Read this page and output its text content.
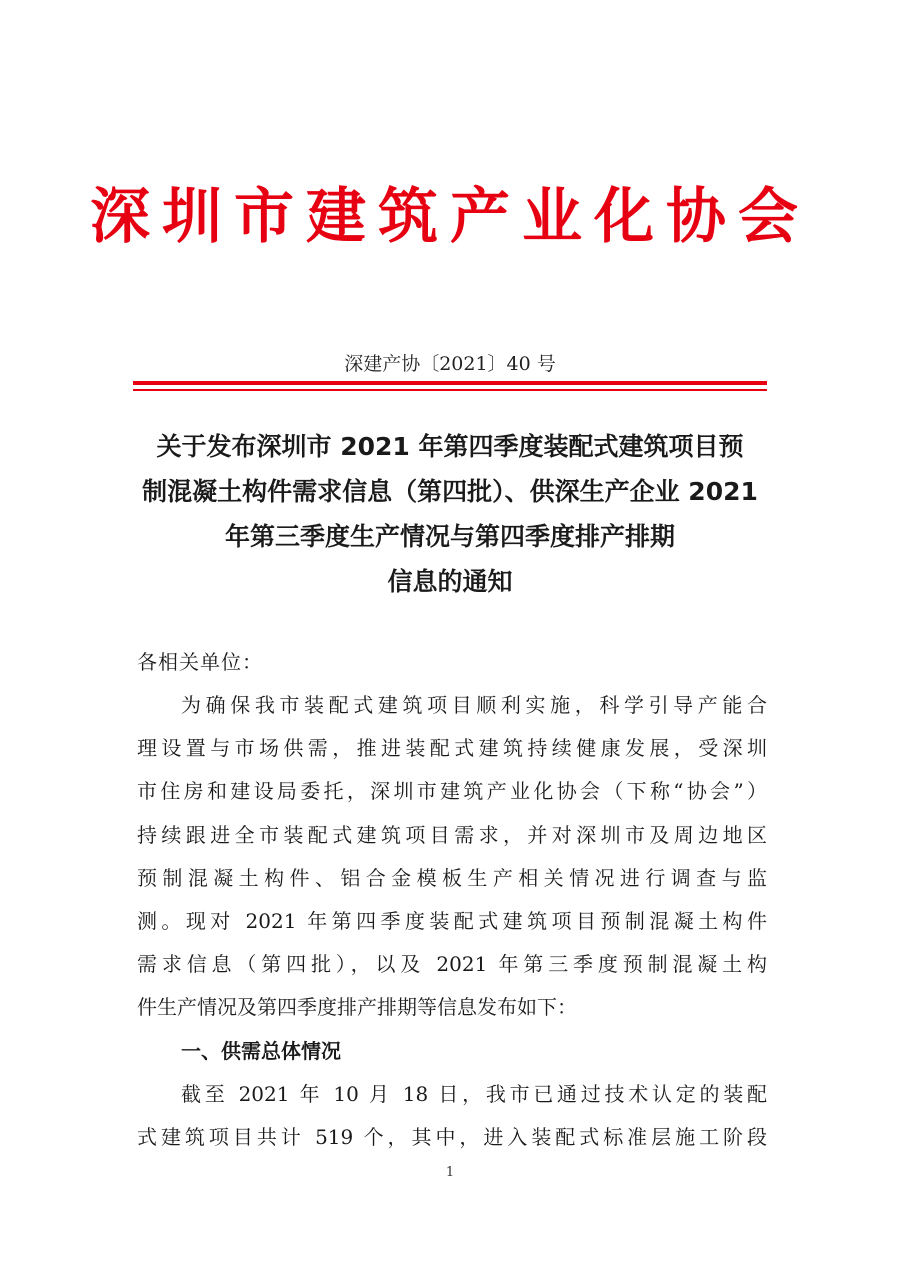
深圳市建筑产业化协会
深建产协〔2021〕40 号
关于发布深圳市 2021 年第四季度装配式建筑项目预
制混凝土构件需求信息（第四批）、供深生产企业 2021
年第三季度生产情况与第四季度排产排期
信息的通知
各相关单位：
为确保我市装配式建筑项目顺利实施，科学引导产能合
理设置与市场供需，推进装配式建筑持续健康发展，受深圳
市住房和建设局委托，深圳市建筑产业化协会（下称“协会”）
持续跟进全市装配式建筑项目需求，并对深圳市及周边地区
预制混凝土构件、铝合金模板生产相关情况进行调查与监
测。现对 2021 年第四季度装配式建筑项目预制混凝土构件
需求信息（第四批），以及 2021 年第三季度预制混凝土构
件生产情况及第四季度排产排期等信息发布如下：
一、供需总体情况
截至 2021 年 10 月 18 日，我市已通过技术认定的装配
式建筑项目共计 519 个，其中，进入装配式标准层施工阶段
1
